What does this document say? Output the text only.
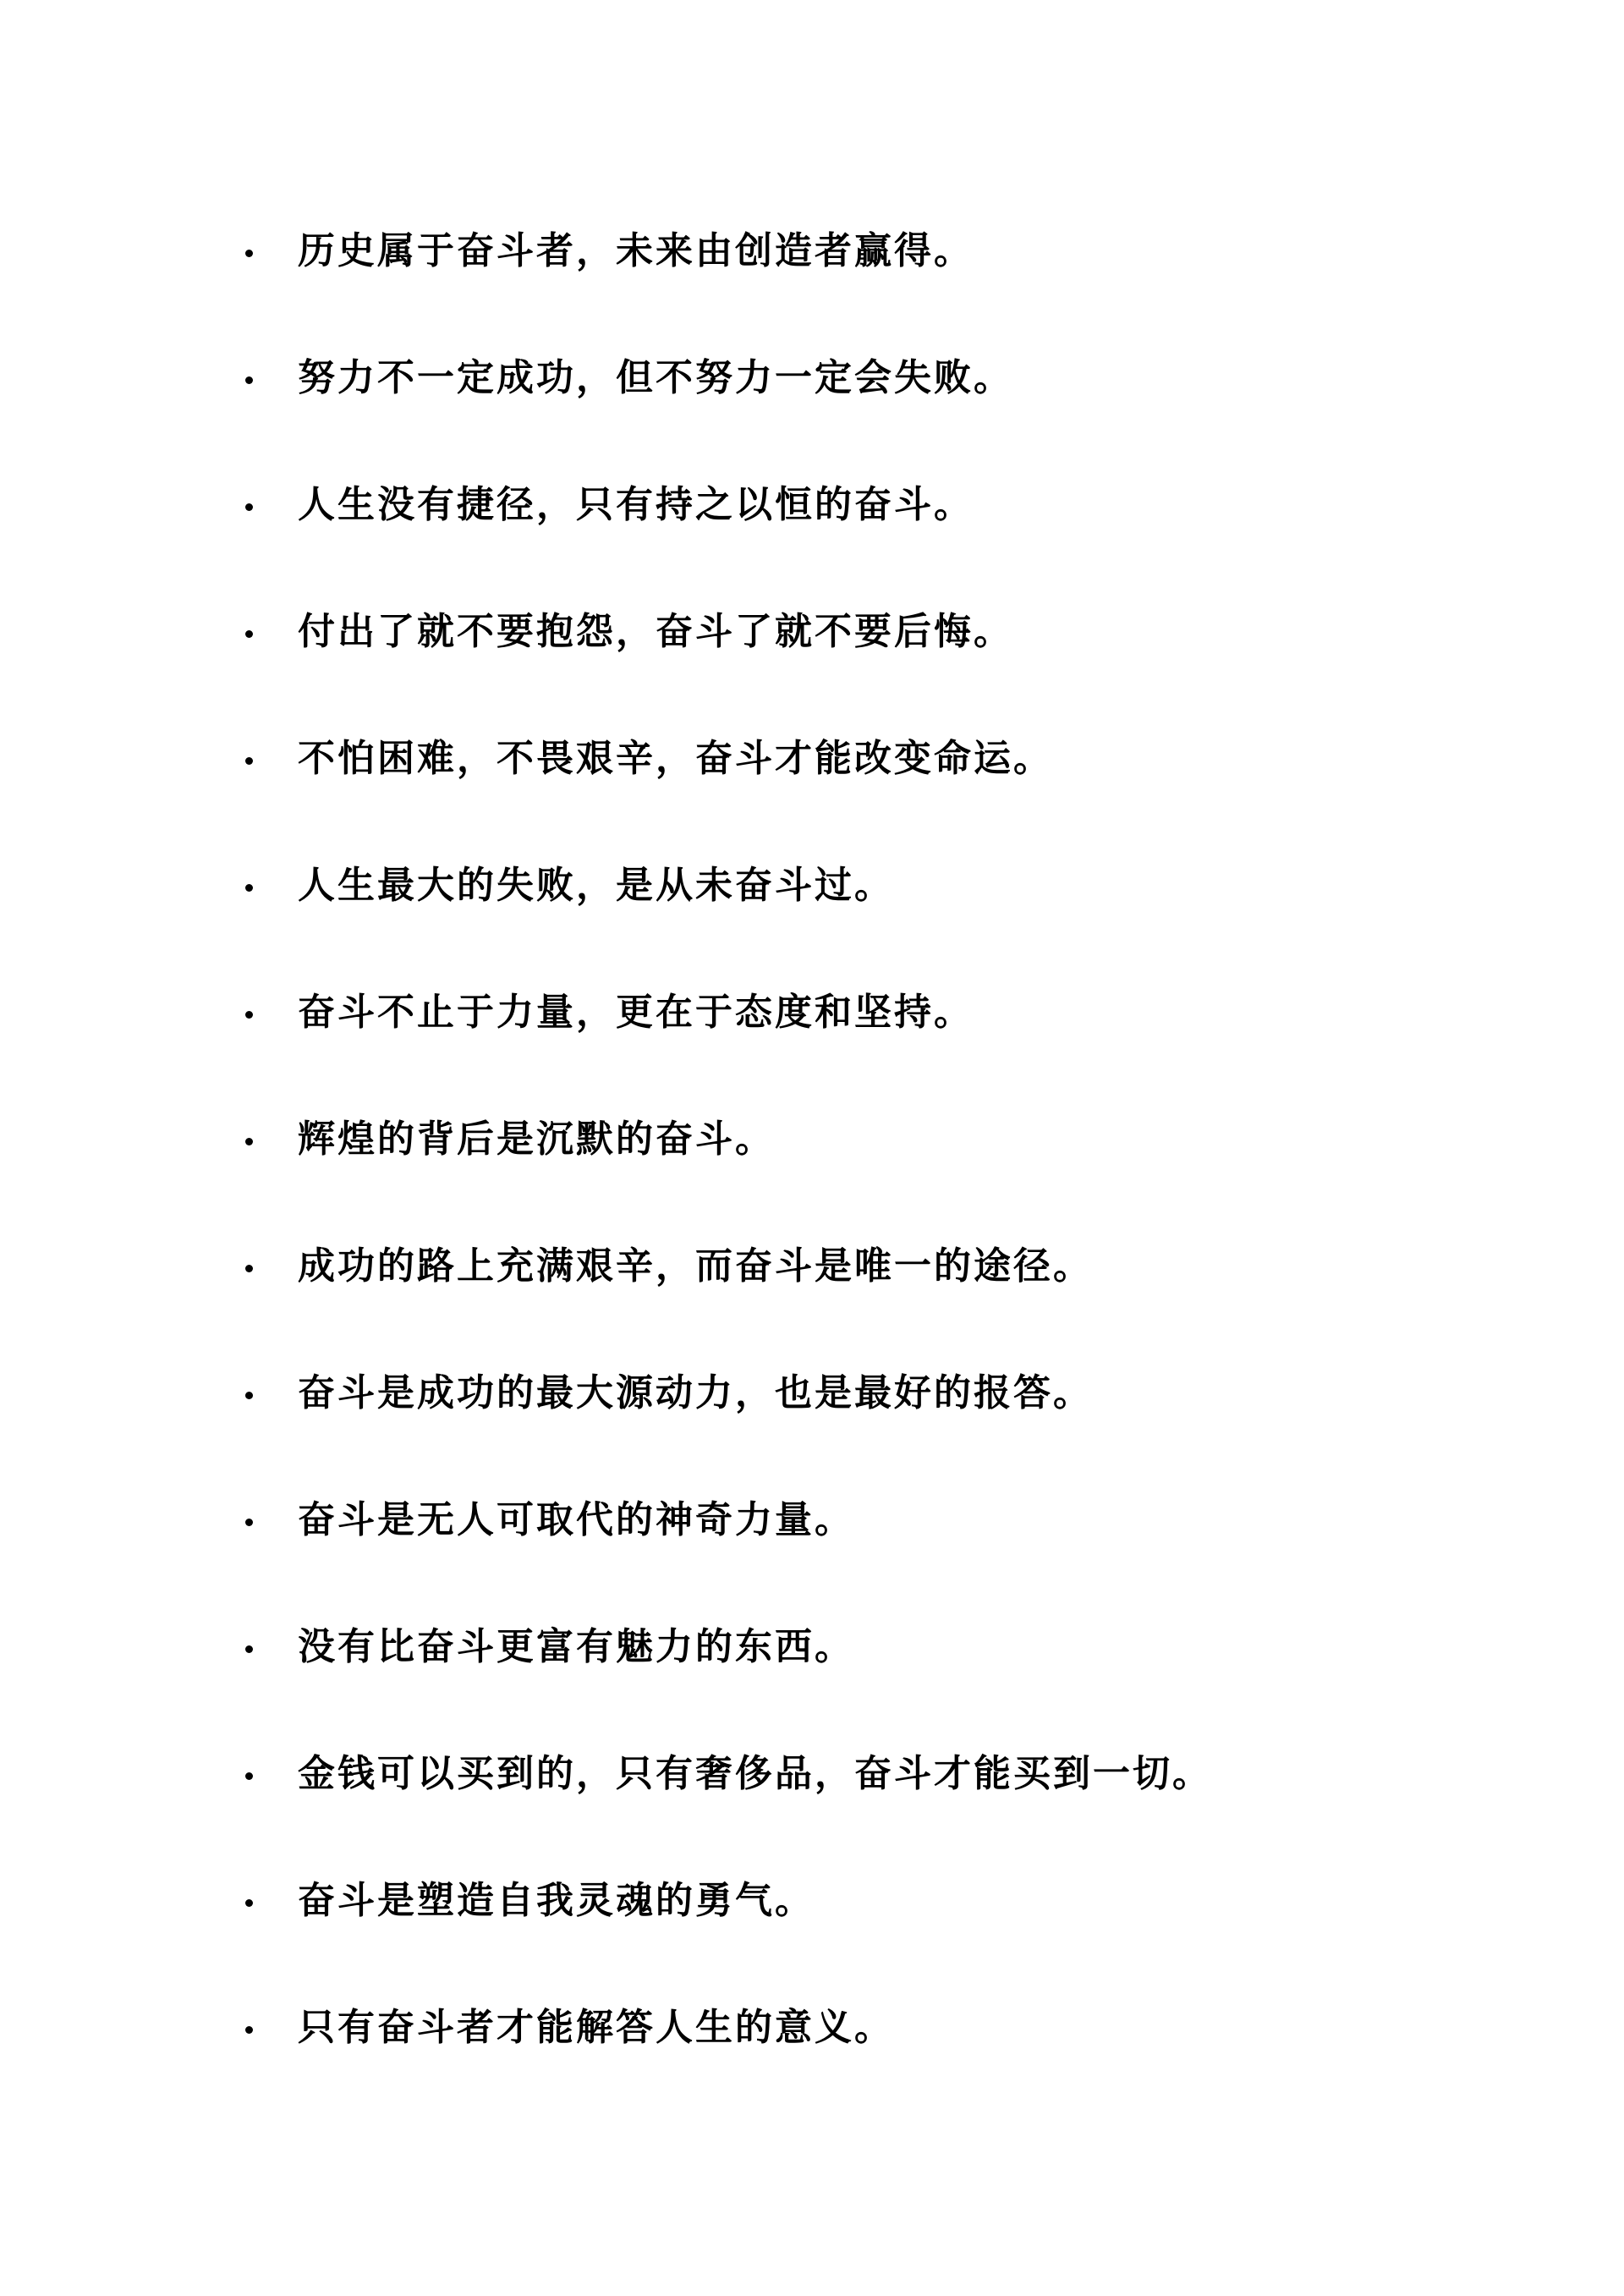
历史属于奋斗者，未来由创造者赢得。
努力不一定成功，但不努力一定会失败。
人生没有捷径，只有持之以恒的奋斗。
付出了就不要抱怨，奋斗了就不要后悔。
不怕困难，不畏艰辛，奋斗才能改变命运。
人生最大的失败，是从未奋斗过。
奋斗不止于力量，更在于态度和坚持。
辉煌的背后是沉默的奋斗。
成功的路上充满艰辛，而奋斗是唯一的途径。
奋斗是成功的最大源动力，也是最好的报答。
奋斗是无人可取代的神奇力量。
没有比奋斗更富有魅力的东西。
金钱可以买到的，只有奢侈品，奋斗才能买到一切。
奋斗是塑造自我灵魂的勇气。
只有奋斗者才能解答人生的意义。
